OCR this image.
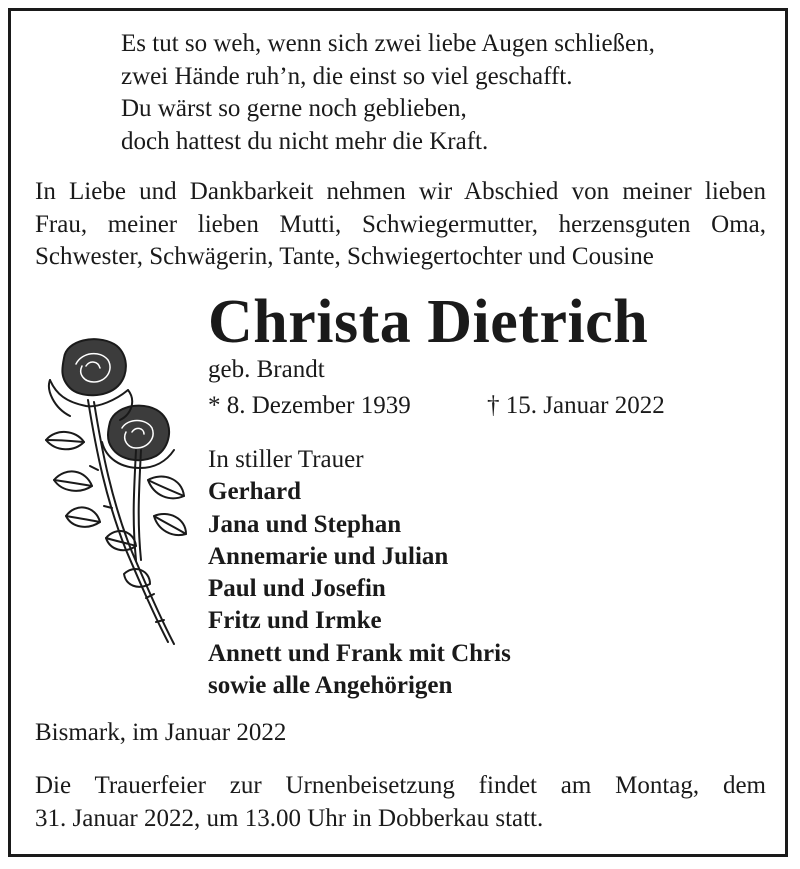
Es tut so weh, wenn sich zwei liebe Augen schließen,
zwei Hände ruh’n, die einst so viel geschafft.
Du wärst so gerne noch geblieben,
doch hattest du nicht mehr die Kraft.
In Liebe und Dankbarkeit nehmen wir Abschied von meiner lieben
Frau, meiner lieben Mutti, Schwiegermutter, herzensguten Oma,
Schwester, Schwägerin, Tante, Schwiegertochter und Cousine
Christa Dietrich
geb. Brandt
* 8. Dezember 1939	† 15. Januar 2022
In stiller Trauer
Gerhard
Jana und Stephan
Annemarie und Julian
Paul und Josefin
Fritz und Irmke
Annett und Frank mit Chris
sowie alle Angehörigen
Bismark, im Januar 2022
Die Trauerfeier zur Urnenbeisetzung findet am Montag, dem
31. Januar 2022, um 13.00 Uhr in Dobberkau statt.
